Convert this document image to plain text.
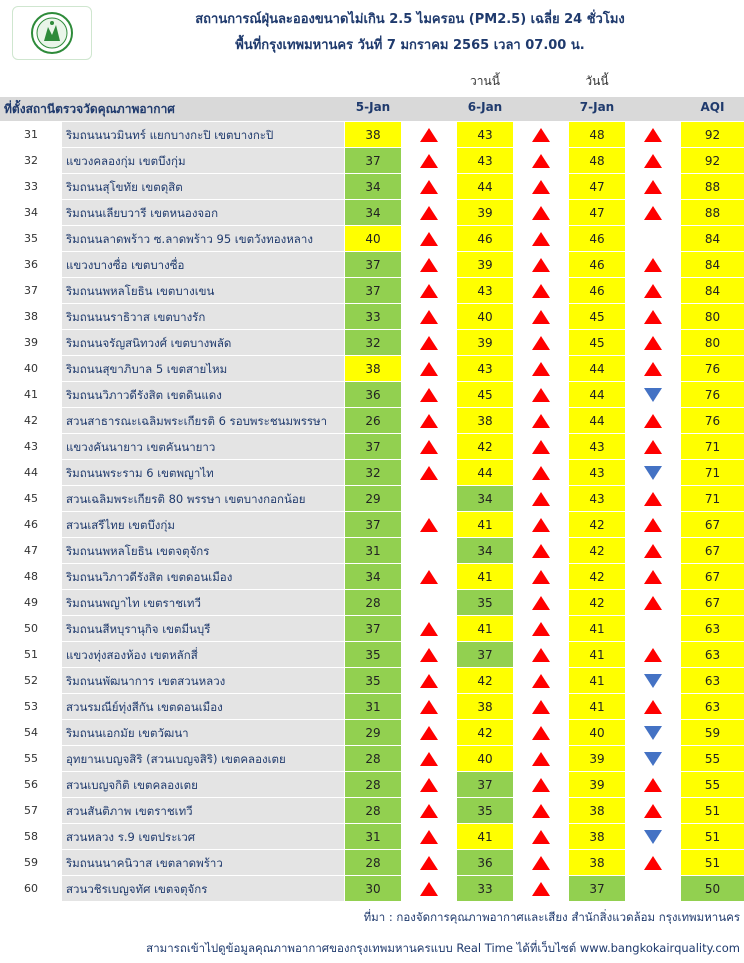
สถานการณ์ฝุ่นละอองขนาดไม่เกิน 2.5 ไมครอน (PM2.5) เฉลี่ย 24 ชั่วโมง
พื้นที่กรุงเทพมหานคร วันที่ 7 มกราคม 2565 เวลา 07.00 น.
วานนี้	วันนี้
ที่ตั้งสถานีตรวจวัดคุณภาพอากาศ	5-Jan	6-Jan	7-Jan	AQI
31	ริมถนนนวมินทร์ แยกบางกะปิ เขตบางกะปิ	38	43	48	92
32	แขวงคลองกุ่ม เขตบึงกุ่ม	37	43	48	92
33	ริมถนนสุโขทัย เขตดุสิต	34	44	47	88
34	ริมถนนเลียบวารี เขตหนองจอก	34	39	47	88
35	ริมถนนลาดพร้าว ซ.ลาดพร้าว 95 เขตวังทองหลาง	40	46	46	84
36	แขวงบางซื่อ เขตบางซื่อ	37	39	46	84
37	ริมถนนพหลโยธิน เขตบางเขน	37	43	46	84
38	ริมถนนนราธิวาส เขตบางรัก	33	40	45	80
39	ริมถนนจรัญสนิทวงศ์ เขตบางพลัด	32	39	45	80
40	ริมถนนสุขาภิบาล 5 เขตสายไหม	38	43	44	76
41	ริมถนนวิภาวดีรังสิต เขตดินแดง	36	45	44	76
42	สวนสาธารณะเฉลิมพระเกียรติ 6 รอบพระชนมพรรษา	26	38	44	76
43	แขวงคันนายาว เขตคันนายาว	37	42	43	71
44	ริมถนนพระราม 6 เขตพญาไท	32	44	43	71
45	สวนเฉลิมพระเกียรติ 80 พรรษา เขตบางกอกน้อย	29	34	43	71
46	สวนเสรีไทย เขตบึงกุ่ม	37	41	42	67
47	ริมถนนพหลโยธิน เขตจตุจักร	31	34	42	67
48	ริมถนนวิภาวดีรังสิต เขตดอนเมือง	34	41	42	67
49	ริมถนนพญาไท เขตราชเทวี	28	35	42	67
50	ริมถนนสีหบุรานุกิจ เขตมีนบุรี	37	41	41	63
51	แขวงทุ่งสองห้อง เขตหลักสี่	35	37	41	63
52	ริมถนนพัฒนาการ เขตสวนหลวง	35	42	41	63
53	สวนรมณีย์ทุ่งสีกัน เขตดอนเมือง	31	38	41	63
54	ริมถนนเอกมัย เขตวัฒนา	29	42	40	59
55	อุทยานเบญจสิริ (สวนเบญจสิริ) เขตคลองเตย	28	40	39	55
56	สวนเบญจกิติ เขตคลองเตย	28	37	39	55
57	สวนสันติภาพ เขตราชเทวี	28	35	38	51
58	สวนหลวง ร.9 เขตประเวศ	31	41	38	51
59	ริมถนนนาคนิวาส เขตลาดพร้าว	28	36	38	51
60	สวนวชิรเบญจทัศ เขตจตุจักร	30	33	37	50
ที่มา : กองจัดการคุณภาพอากาศและเสียง สำนักสิ่งแวดล้อม กรุงเทพมหานคร
สามารถเข้าไปดูข้อมูลคุณภาพอากาศของกรุงเทพมหานครแบบ Real Time ได้ที่เว็บไซต์ www.bangkokairquality.com
